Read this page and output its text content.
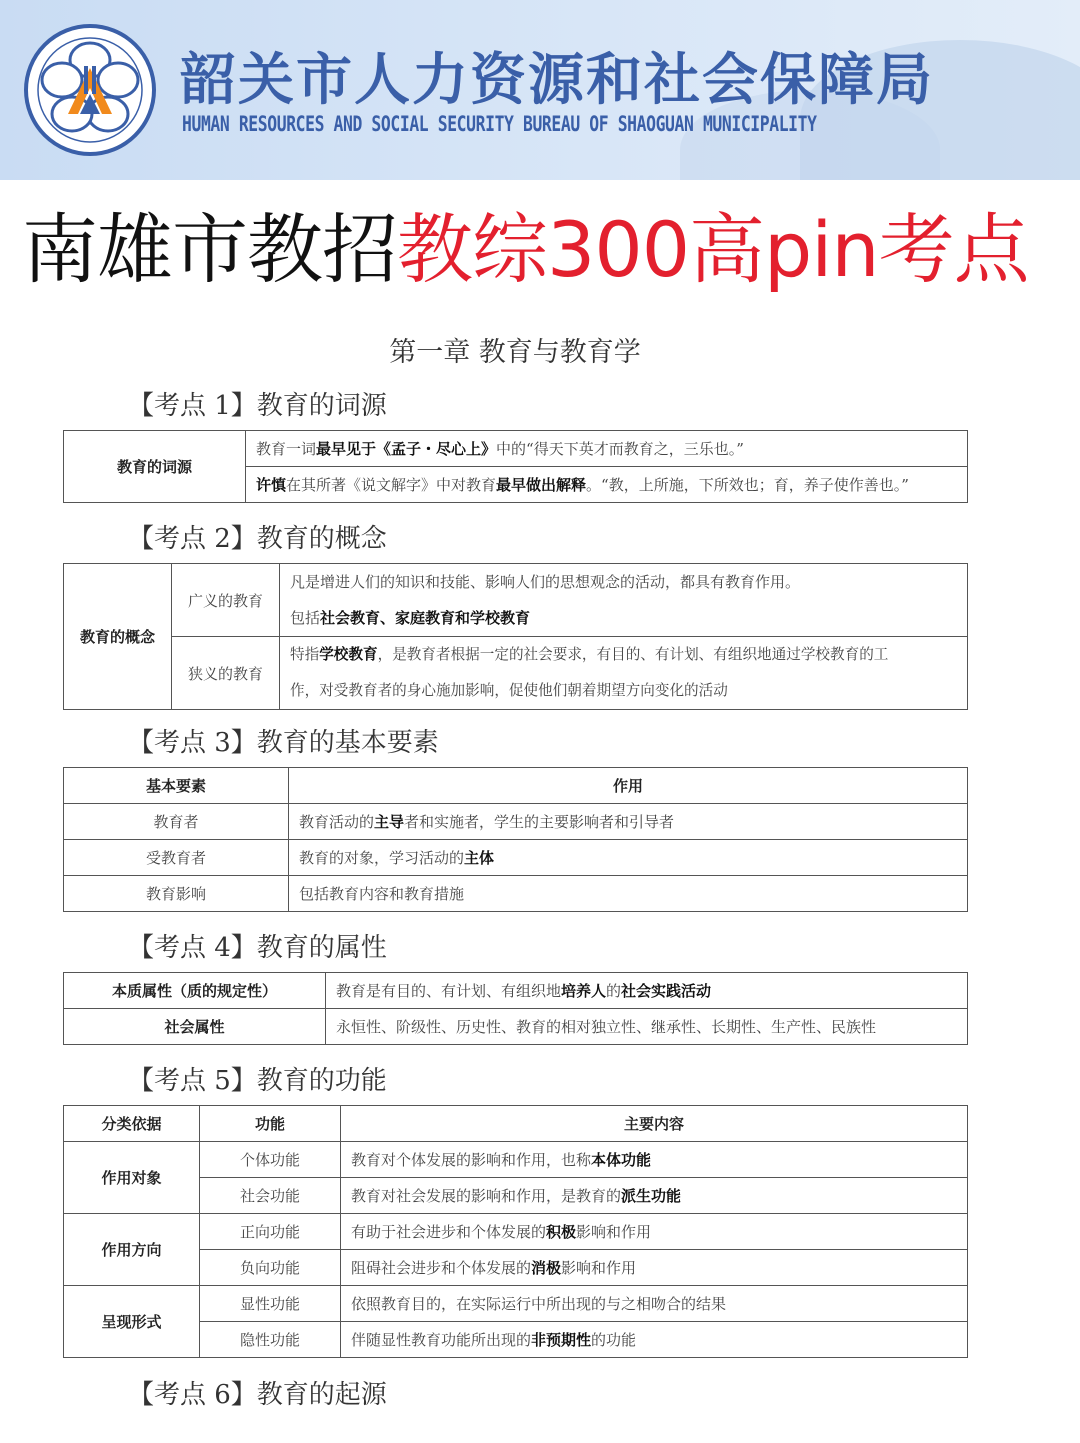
韶关市人力资源和社会保障局
HUMAN RESOURCES AND SOCIAL SECURITY BUREAU OF SHAOGUAN MUNICIPALITY
南雄市教招教综300高pin考点
第一章 教育与教育学
【考点 1】教育的词源
教育的词源	教育一词最早见于《孟子・尽心上》中的“得天下英才而教育之，三乐也。”
许慎在其所著《说文解字》中对教育最早做出解释。“教，上所施，下所效也；育，养子使作善也。”
【考点 2】教育的概念
教育的概念	广义的教育	凡是增进人们的知识和技能、影响人们的思想观念的活动，都具有教育作用。
包括社会教育、家庭教育和学校教育

	狭义的教育	特指学校教育，是教育者根据一定的社会要求，有目的、有计划、有组织地通过学校教育的工
作，对受教育者的身心施加影响，促使他们朝着期望方向变化的活动
【考点 3】教育的基本要素
基本要素	作用
教育者	教育活动的主导者和实施者，学生的主要影响者和引导者
受教育者	教育的对象，学习活动的主体
教育影响	包括教育内容和教育措施
【考点 4】教育的属性
本质属性（质的规定性）	教育是有目的、有计划、有组织地培养人的社会实践活动
社会属性	永恒性、阶级性、历史性、教育的相对独立性、继承性、长期性、生产性、民族性
【考点 5】教育的功能
分类依据	功能	主要内容
作用对象	个体功能	教育对个体发展的影响和作用，也称本体功能
	社会功能	教育对社会发展的影响和作用，是教育的派生功能
作用方向	正向功能	有助于社会进步和个体发展的积极影响和作用
	负向功能	阻碍社会进步和个体发展的消极影响和作用
呈现形式	显性功能	依照教育目的，在实际运行中所出现的与之相吻合的结果
	隐性功能	伴随显性教育功能所出现的非预期性的功能
【考点 6】教育的起源
